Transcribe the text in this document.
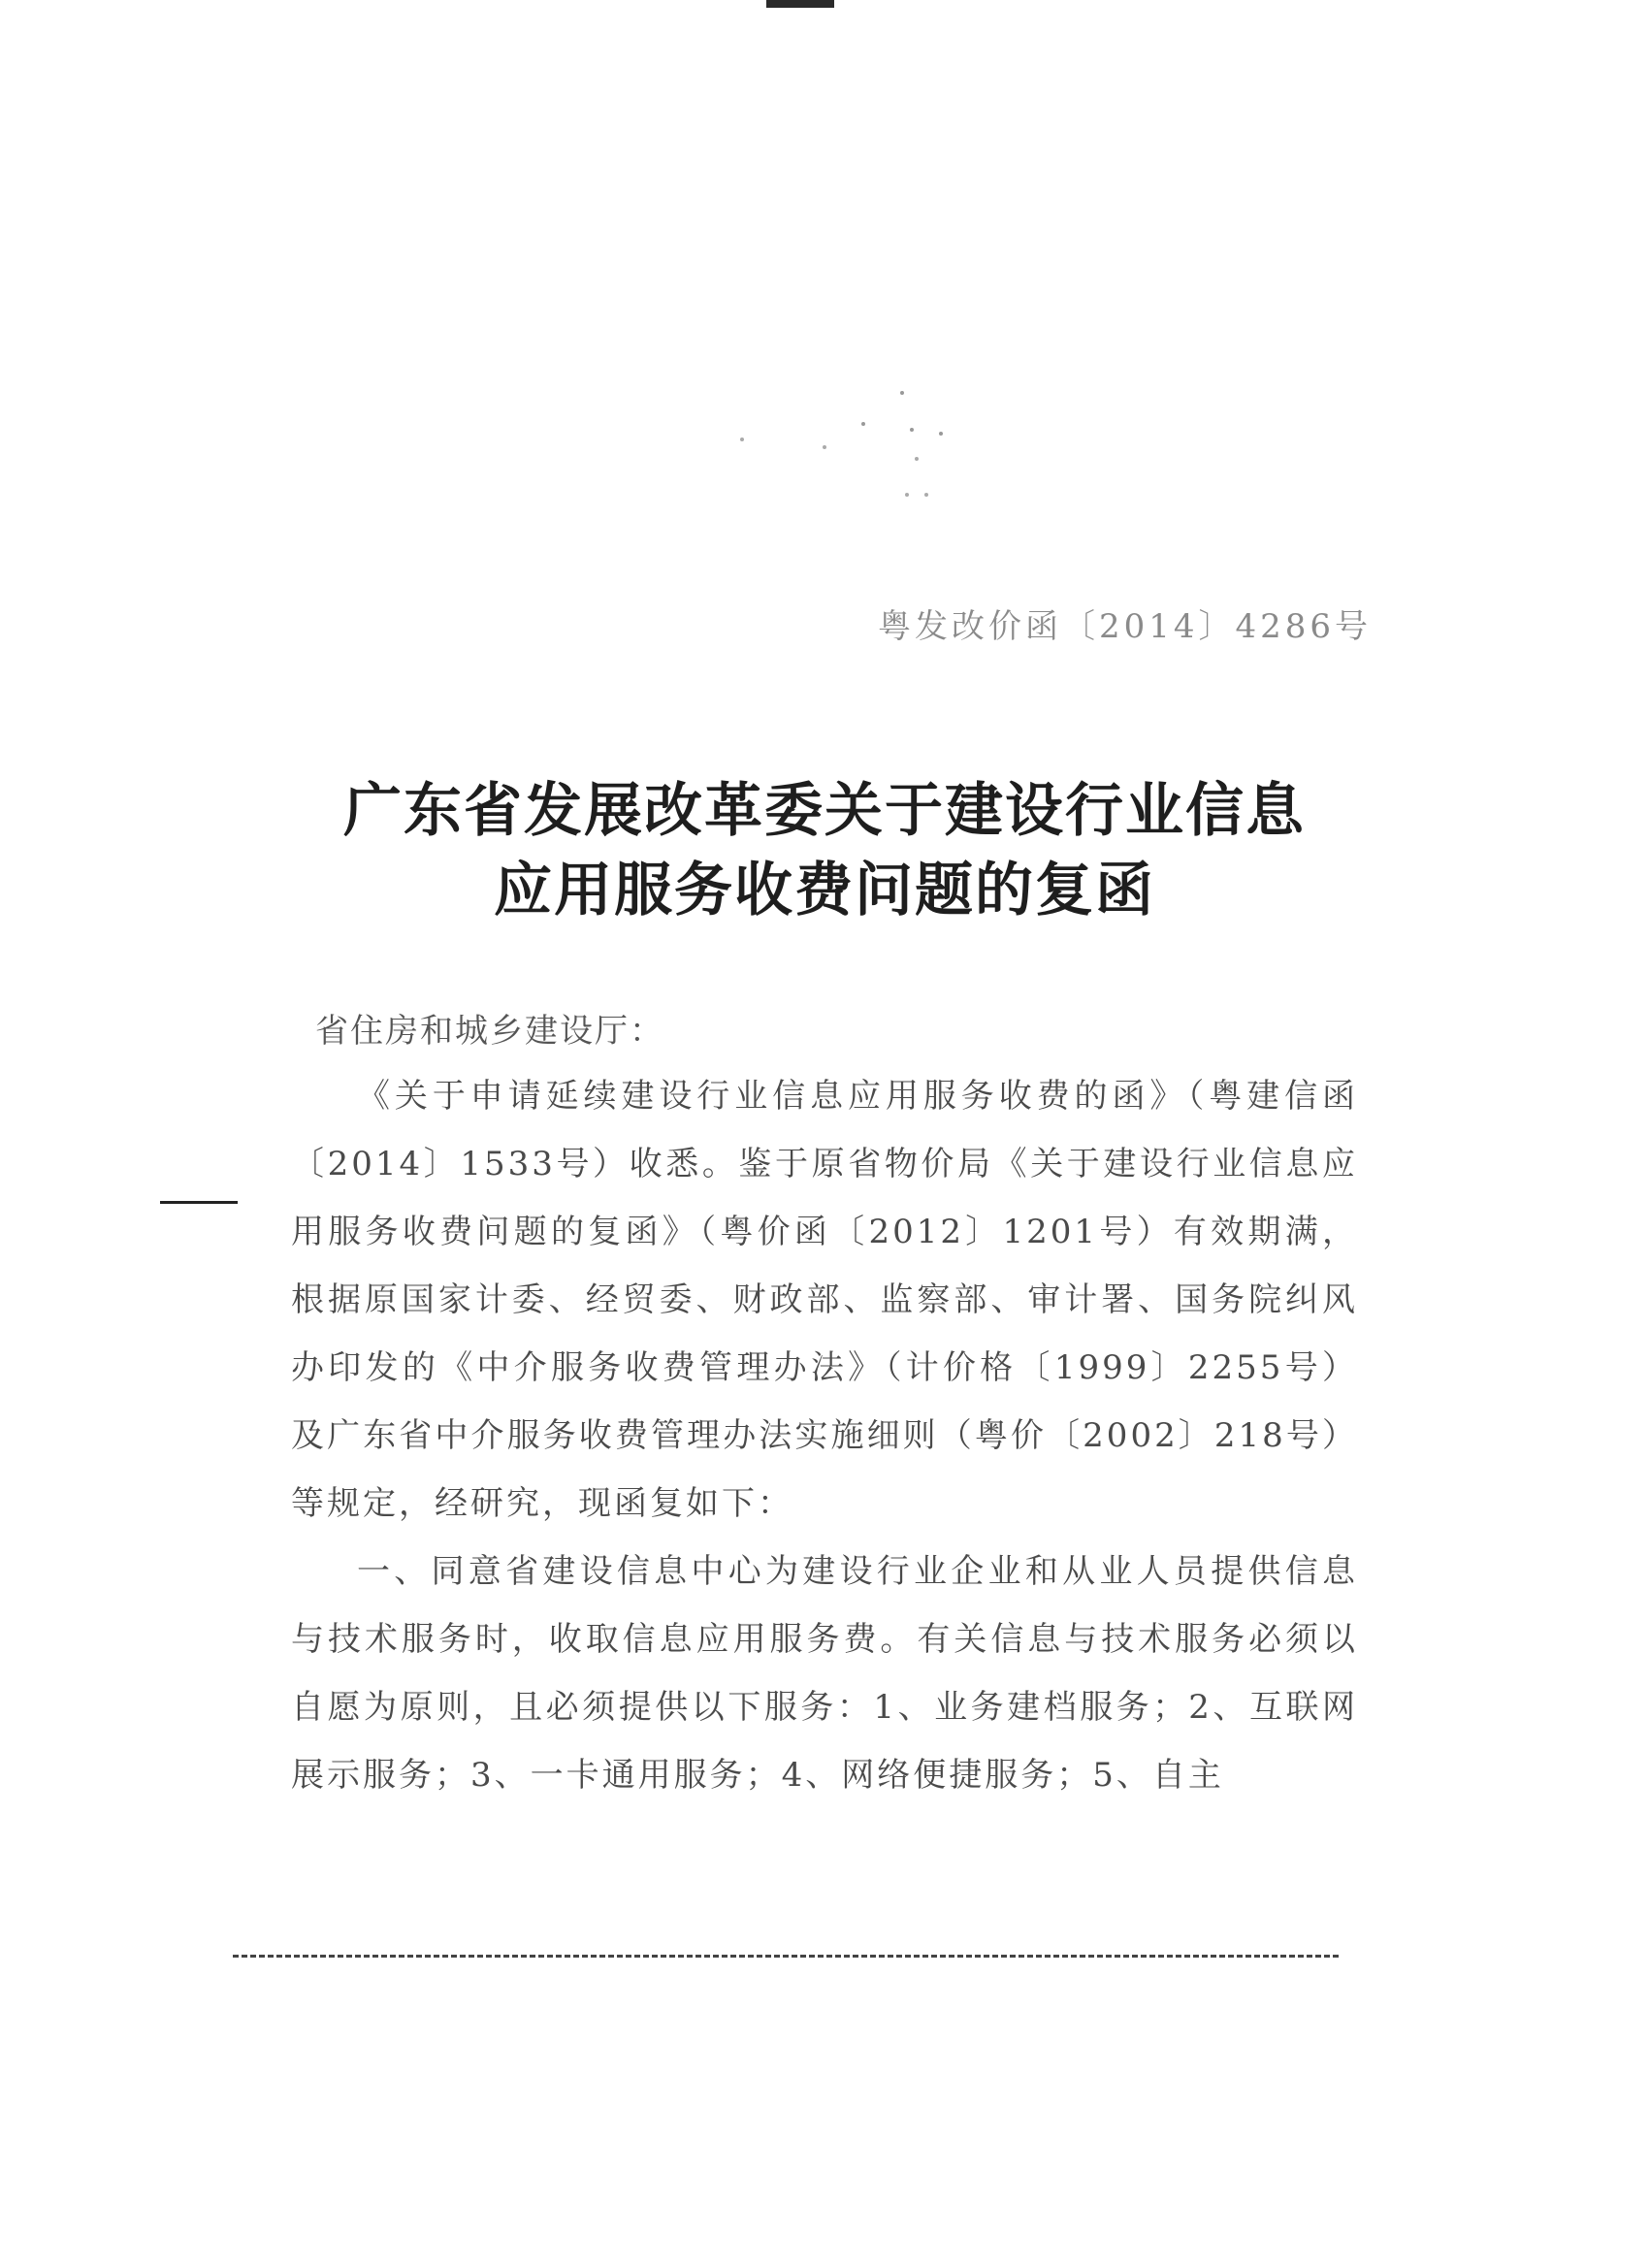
粤发改价函〔2014〕4286号
广东省发展改革委关于建设行业信息
应用服务收费问题的复函
省住房和城乡建设厅：

《关于申请延续建设行业信息应用服务收费的函》（粤建信函〔2014〕1533号）收悉。鉴于原省物价局《关于建设行业信息应用服务收费问题的复函》（粤价函〔2012〕1201号）有效期满，根据原国家计委、经贸委、财政部、监察部、审计署、国务院纠风办印发的《中介服务收费管理办法》（计价格〔1999〕2255号）及广东省中介服务收费管理办法实施细则（粤价〔2002〕218号）等规定，经研究，现函复如下：

一、同意省建设信息中心为建设行业企业和从业人员提供信息与技术服务时，收取信息应用服务费。有关信息与技术服务必须以自愿为原则，且必须提供以下服务：1、业务建档服务；2、互联网展示服务；3、一卡通用服务；4、网络便捷服务；5、自主
